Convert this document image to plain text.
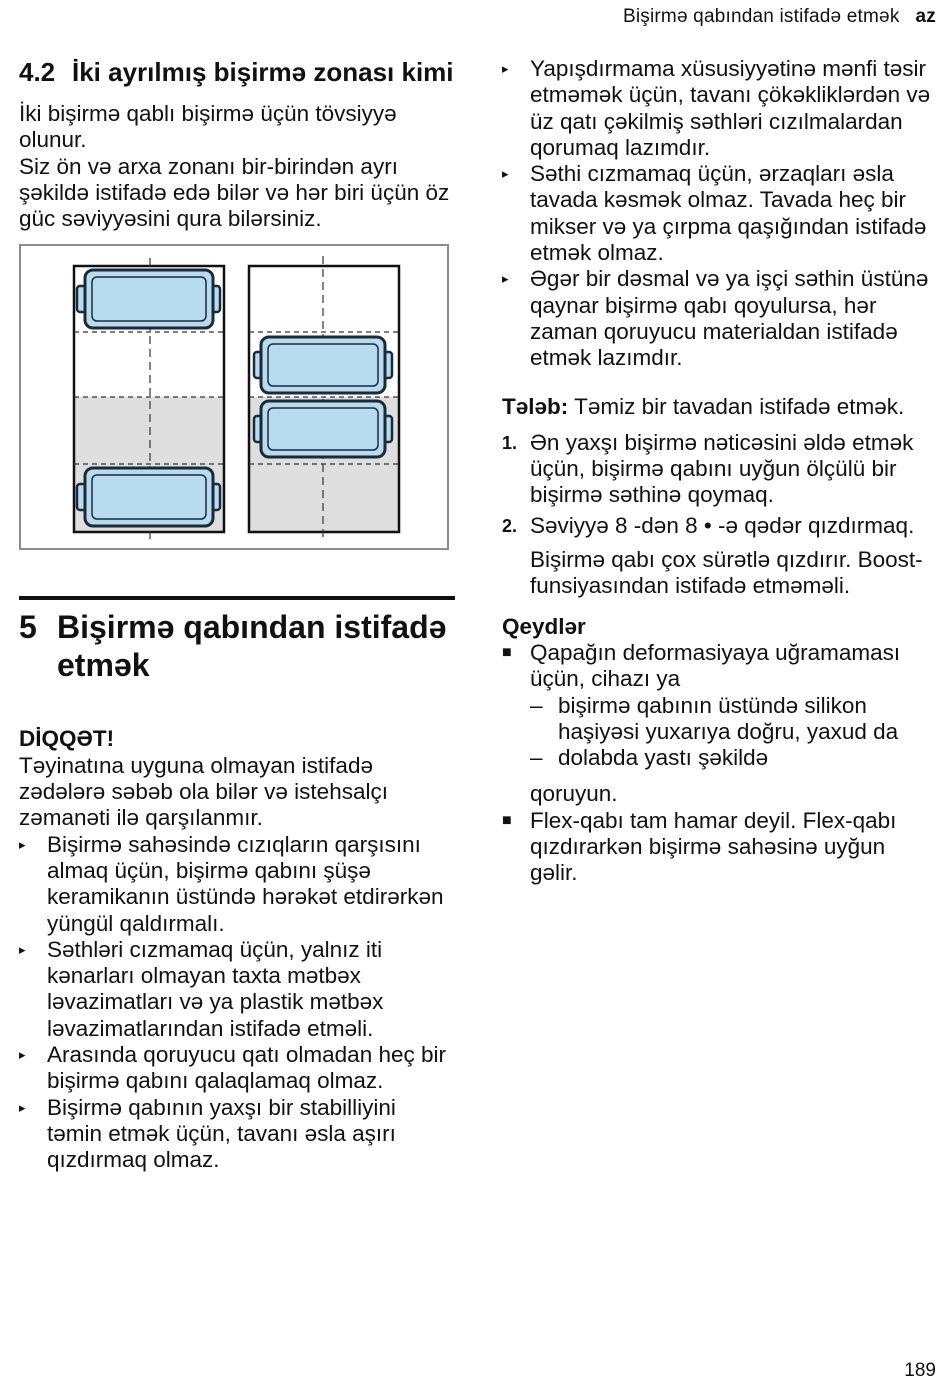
Bişirmə qabından istifadə etmək az
4.2 İki ayrılmış bişirmə zonası kimi

İki bişirmə qablı bişirmə üçün tövsiyyə olunur.

Siz ön və arxa zonanı bir-birindən ayrı şəkildə istifadə edə bilər və hər biri üçün öz güc səviyyəsini qura bilərsiniz.

5 Bişirmə qabından istifadə etmək

DİQQƏT!

Təyinatına uyguna olmayan istifadə zədələrə səbəb ola bilər və istehsalçı zəmanəti ilə qarşılanmır.

▸ Bişirmə sahəsində cızıqların qarşısını almaq üçün, bişirmə qabını şüşə keramikanın üstündə hərəkət etdirərkən yüngül qaldırmalı.
▸ Səthləri cızmamaq üçün, yalnız iti kənarları olmayan taxta mətbəx ləvazimatları və ya plastik mətbəx ləvazimatlarından istifadə etməli.
▸ Arasında qoruyucu qatı olmadan heç bir bişirmə qabını qalaqlamaq olmaz.
▸ Bişirmə qabının yaxşı bir stabilliyini təmin etmək üçün, tavanı əsla aşırı qızdırmaq olmaz.
▸ Yapışdırmama xüsusiyyətinə mənfi təsir etməmək üçün, tavanı çökəkliklərdən və üz qatı çəkilmiş səthləri cızılmalardan qorumaq lazımdır.
▸ Səthi cızmamaq üçün, ərzaqları əsla tavada kəsmək olmaz. Tavada heç bir mikser və ya çırpma qaşığından istifadə etmək olmaz.
▸ Əgər bir dəsmal və ya işçi səthin üstünə qaynar bişirmə qabı qoyulursa, hər zaman qoruyucu materialdan istifadə etmək lazımdır.

Tələb: Təmiz bir tavadan istifadə etmək.

1. Ən yaxşı bişirmə nəticəsini əldə etmək üçün, bişirmə qabını uyğun ölçülü bir bişirmə səthinə qoymaq.
2. Səviyyə 8 -dən 8 • -ə qədər qızdırmaq.

Bişirmə qabı çox sürətlə qızdırır. Boost-funsiyasından istifadə etməməli.

Qeydlər

■ Qapağın deformasiyaya uğramaması üçün, cihazı ya
– bişirmə qabının üstündə silikon haşiyəsi yuxarıya doğru, yaxud da
– dolabda yastı şəkildə

qoruyun.

■ Flex-qabı tam hamar deyil. Flex-qabı qızdırarkən bişirmə sahəsinə uyğun gəlir.
189
